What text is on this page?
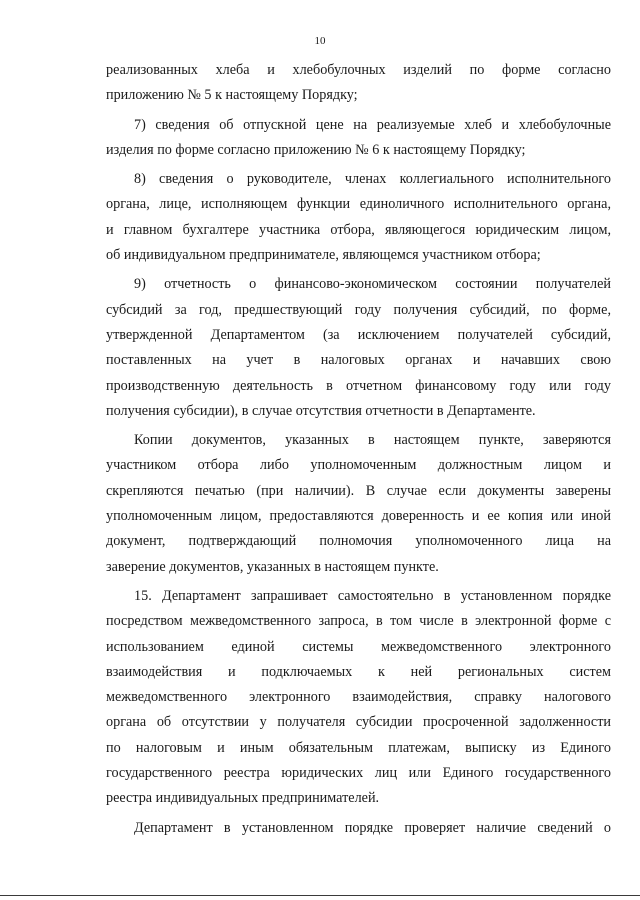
10

реализованных хлеба и хлебобулочных изделий по форме согласно
приложению № 5 к настоящему Порядку;

7) сведения об отпускной цене на реализуемые хлеб и хлебобулочные
изделия по форме согласно приложению № 6 к настоящему Порядку;

8) сведения о руководителе, членах коллегиального исполнительного
органа, лице, исполняющем функции единоличного исполнительного органа,
и главном бухгалтере участника отбора, являющегося юридическим лицом,
об индивидуальном предпринимателе, являющемся участником отбора;

9) отчетность о финансово-экономическом состоянии получателей
субсидий за год, предшествующий году получения субсидий, по форме,
утвержденной Департаментом (за исключением получателей субсидий,
поставленных на учет в налоговых органах и начавших свою
производственную деятельность в отчетном финансовому году или году
получения субсидии), в случае отсутствия отчетности в Департаменте.

Копии документов, указанных в настоящем пункте, заверяются
участником отбора либо уполномоченным должностным лицом и
скрепляются печатью (при наличии). В случае если документы заверены
уполномоченным лицом, предоставляются доверенность и ее копия или иной
документ, подтверждающий полномочия уполномоченного лица на
заверение документов, указанных в настоящем пункте.

15. Департамент запрашивает самостоятельно в установленном порядке
посредством межведомственного запроса, в том числе в электронной форме с
использованием единой системы межведомственного электронного
взаимодействия и подключаемых к ней региональных систем
межведомственного электронного взаимодействия, справку налогового
органа об отсутствии у получателя субсидии просроченной задолженности
по налоговым и иным обязательным платежам, выписку из Единого
государственного реестра юридических лиц или Единого государственного
реестра индивидуальных предпринимателей.

Департамент в установленном порядке проверяет наличие сведений о
